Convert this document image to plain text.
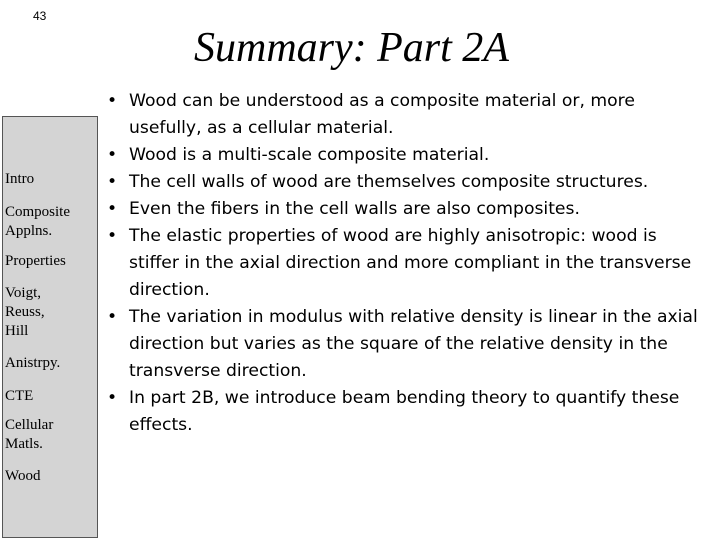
43
Summary: Part 2A
Intro
Composite
Applns.
Properties
Voigt,
Reuss,
Hill
Anistrpy.
CTE
Cellular
Matls.
Wood
• Wood can be understood as a composite material or, more usefully, as a cellular material.
• Wood is a multi-scale composite material.
• The cell walls of wood are themselves composite structures.
• Even the fibers in the cell walls are also composites.
• The elastic properties of wood are highly anisotropic: wood is stiffer in the axial direction and more compliant in the transverse direction.
• The variation in modulus with relative density is linear in the axial direction but varies as the square of the relative density in the transverse direction.
• In part 2B, we introduce beam bending theory to quantify these effects.
